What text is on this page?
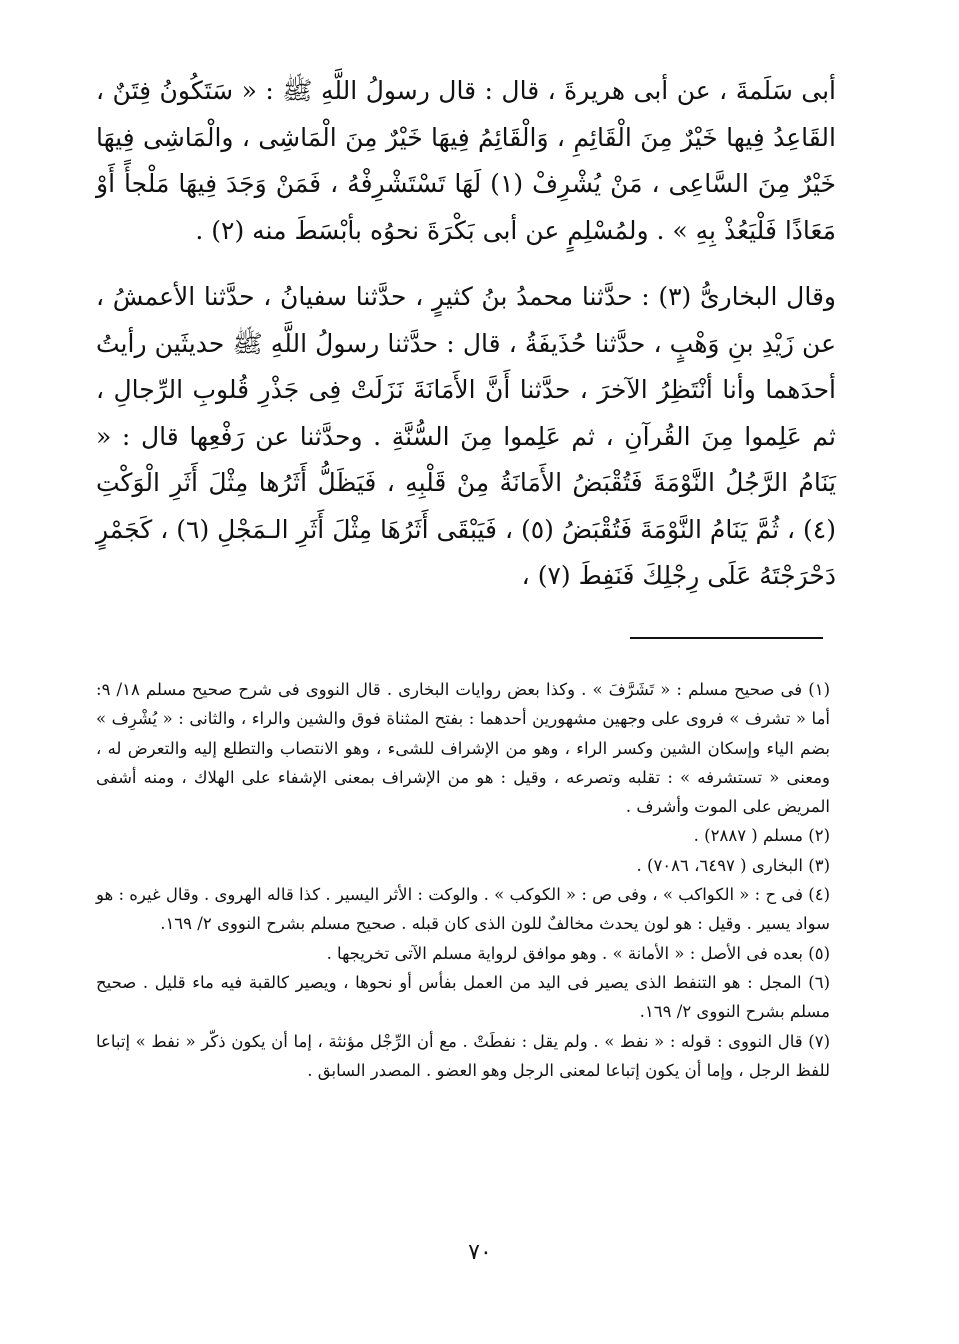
أبى سَلَمةَ ، عن أبى هريرةَ ، قال : قال رسولُ اللَّهِ ﷺ : « سَتَكُونُ فِتَنٌ ، القَاعِدُ فِيها خَيْرٌ مِنَ الْقَائِمِ ، وَالْقَائِمُ فِيهَا خَيْرٌ مِنَ الْمَاشِى ، والْمَاشِى فِيهَا خَيْرٌ مِنَ السَّاعِى ، مَنْ يُشْرِفْ (١) لَهَا تَسْتَشْرِفْهُ ، فَمَنْ وَجَدَ فِيهَا مَلْجأً أَوْ مَعَاذًا فَلْيَعُذْ بِهِ » . ولمُسْلِمٍ عن أبى بَكْرَةَ نحوُه بأبْسَطَ منه (٢) .

وقال البخارىُّ (٣) : حدَّثنا محمدُ بنُ كثيرٍ ، حدَّثنا سفيانُ ، حدَّثنا الأعمشُ ، عن زَيْدِ بنِ وَهْبٍ ، حدَّثنا حُذَيفَةُ ، قال : حدَّثنا رسولُ اللَّهِ ﷺ حديثَين رأيتُ أحدَهما وأنا أنْتَظِرُ الآخرَ ، حدَّثنا أَنَّ الأَمَانَةَ نَزَلَتْ فِى جَذْرِ قُلوبِ الرِّجالِ ، ثم عَلِموا مِنَ القُرآنِ ، ثم عَلِموا مِنَ السُّنَّةِ . وحدَّثنا عن رَفْعِها قال : « يَنَامُ الرَّجُلُ النَّوْمَةَ فَتُقْبَضُ الأَمَانَةُ مِنْ قَلْبِهِ ، فَيَظَلُّ أَثَرُها مِثْلَ أَثَرِ الْوَكْتِ (٤) ، ثُمَّ يَنَامُ النَّوْمَةَ فَتُقْبَضُ (٥) ، فَيَبْقَى أَثَرُهَا مِثْلَ أَثَرِ الـمَجْلِ (٦) ، كَجَمْرٍ دَحْرَجْتَهُ عَلَى رِجْلِكَ فَنَفِطَ (٧) ،

(١) فى صحيح مسلم : « تَشَرَّفَ » . وكذا بعض روايات البخارى . قال النووى فى شرح صحيح مسلم ١٨/ ٩: أما « تشرف » فروى على وجهين مشهورين أحدهما : بفتح المثناة فوق والشين والراء ، والثانى : « يُشْرِف » بضم الياء وإسكان الشين وكسر الراء ، وهو من الإشراف للشىء ، وهو الانتصاب والتطلع إليه والتعرض له ، ومعنى « تستشرفه » : تقلبه وتصرعه ، وقيل : هو من الإشراف بمعنى الإشفاء على الهلاك ، ومنه أشفى المريض على الموت وأشرف .

(٢) مسلم ( ٢٨٨٧) .

(٣) البخارى ( ٦٤٩٧، ٧٠٨٦) .

(٤) فى ح : « الكواكب » ، وفى ص : « الكوكب » . والوكت : الأثر اليسير . كذا قاله الهروى . وقال غيره : هو سواد يسير . وقيل : هو لون يحدث مخالفٌ للون الذى كان قبله . صحيح مسلم بشرح النووى ٢/ ١٦٩.

(٥) بعده فى الأصل : « الأمانة » . وهو موافق لرواية مسلم الآتى تخريجها .

(٦) المجل : هو التنفط الذى يصير فى اليد من العمل بفأس أو نحوها ، ويصير كالقبة فيه ماء قليل . صحيح مسلم بشرح النووى ٢/ ١٦٩.

(٧) قال النووى : قوله : « نفط » . ولم يقل : نفطَتْ . مع أن الرِّجْل مؤنثة ، إما أن يكون ذكّر « نفط » إتباعا للفظ الرجل ، وإما أن يكون إتباعا لمعنى الرجل وهو العضو . المصدر السابق .

٧٠
